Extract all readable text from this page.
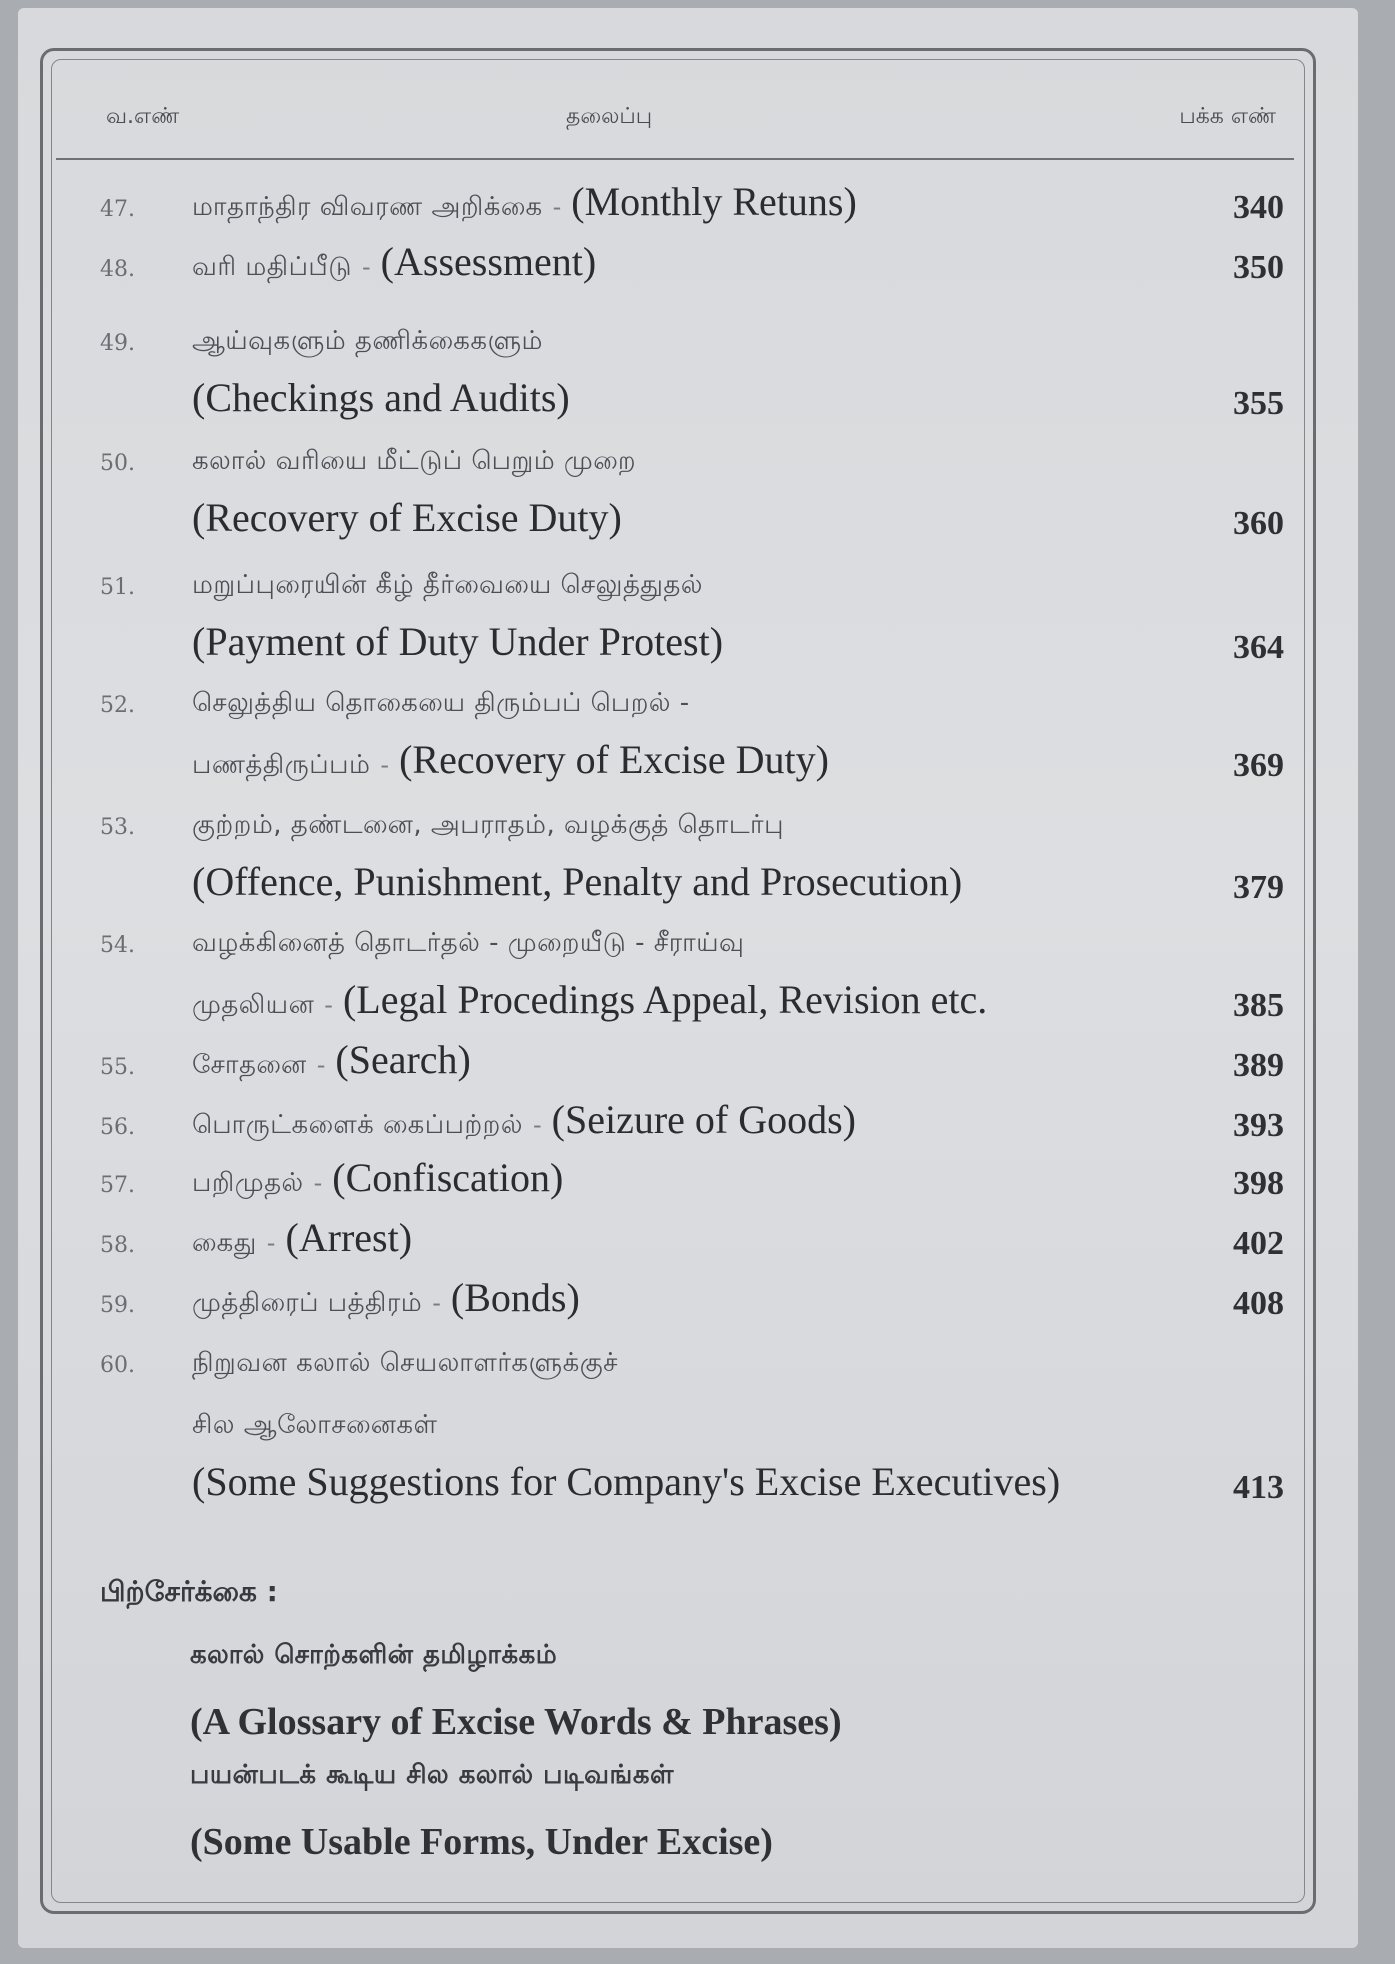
வ.எண்	தலைப்பு	பக்க எண்
47.	மாதாந்திர விவரண அறிக்கை - (Monthly Retuns)	340
48.	வரி மதிப்பீடு - (Assessment)	350
49.	ஆய்வுகளும் தணிக்கைகளும்
(Checkings and Audits)	355
50.	கலால் வரியை மீட்டுப் பெறும் முறை
(Recovery of Excise Duty)	360
51.	மறுப்புரையின் கீழ் தீர்வையை செலுத்துதல்
(Payment of Duty Under Protest)	364
52.	செலுத்திய தொகையை திரும்பப் பெறல் -
பணத்திருப்பம் - (Recovery of Excise Duty)	369
53.	குற்றம், தண்டனை, அபராதம், வழக்குத் தொடர்பு
(Offence, Punishment, Penalty and Prosecution)	379
54.	வழக்கினைத் தொடர்தல் - முறையீடு - சீராய்வு
முதலியன - (Legal Procedings Appeal, Revision etc.	385
55.	சோதனை - (Search)	389
56.	பொருட்களைக் கைப்பற்றல் - (Seizure of Goods)	393
57.	பறிமுதல் - (Confiscation)	398
58.	கைது - (Arrest)	402
59.	முத்திரைப் பத்திரம் - (Bonds)	408
60.	நிறுவன கலால் செயலாளர்களுக்குச்
சில ஆலோசனைகள்
(Some Suggestions for Company's Excise Executives)	413
பிற்சேர்க்கை :
கலால் சொற்களின் தமிழாக்கம்
(A Glossary of Excise Words & Phrases)
பயன்படக் கூடிய சில கலால் படிவங்கள்
(Some Usable Forms, Under Excise)
